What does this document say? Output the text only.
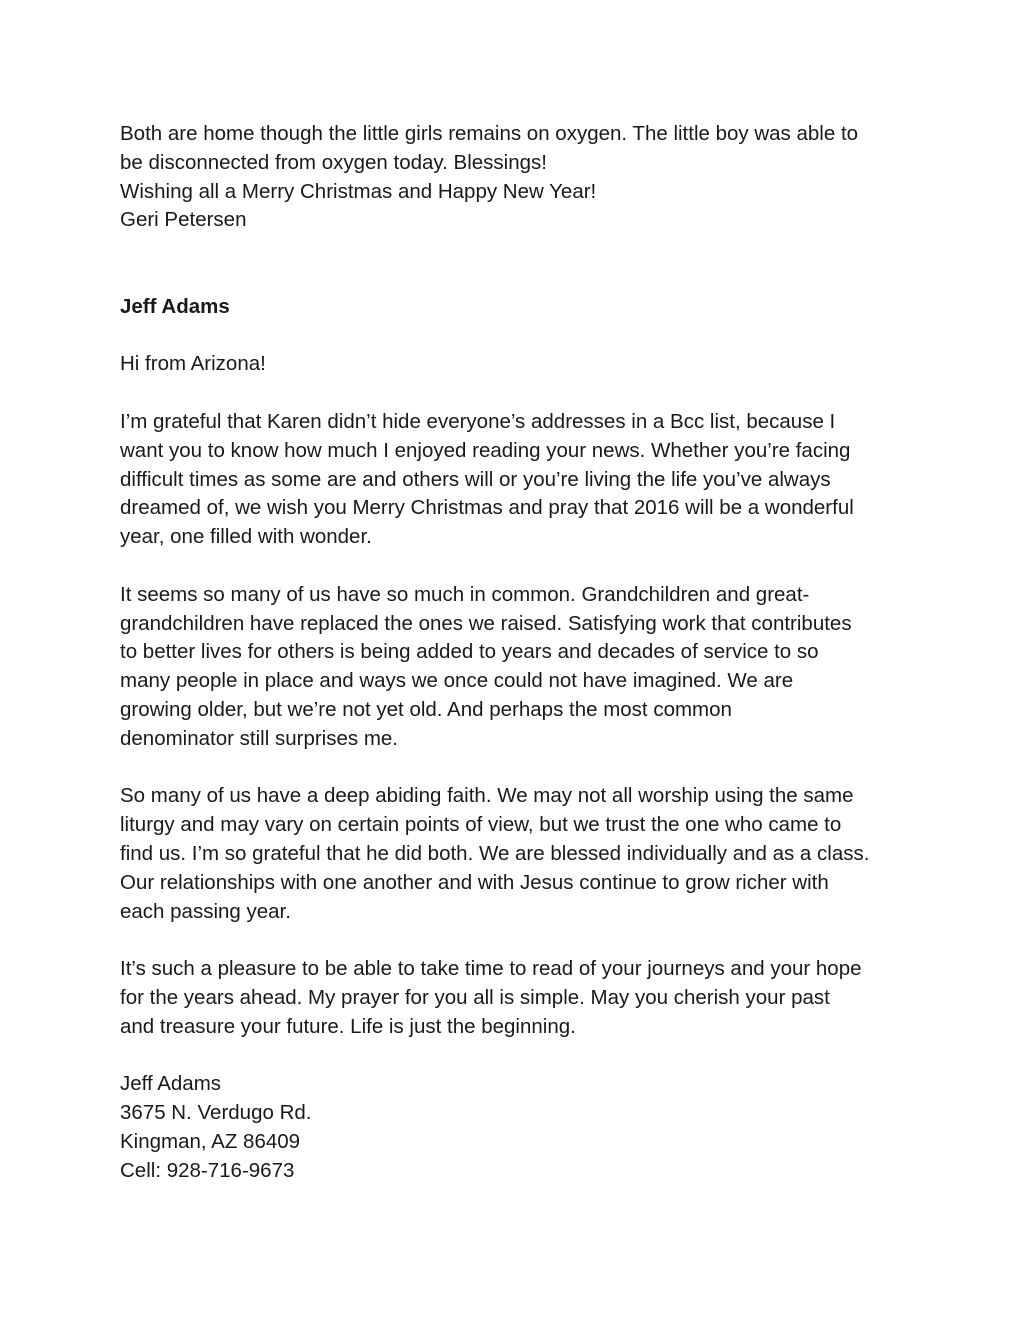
Both are home though the little girls remains on oxygen. The little boy was able to
be disconnected from oxygen today. Blessings!
Wishing all a Merry Christmas and Happy New Year!
Geri Petersen
Jeff Adams
Hi from Arizona!
I’m grateful that Karen didn’t hide everyone’s addresses in a Bcc list, because I
want you to know how much I enjoyed reading your news. Whether you’re facing
difficult times as some are and others will or you’re living the life you’ve always
dreamed of, we wish you Merry Christmas and pray that 2016 will be a wonderful
year, one filled with wonder.
It seems so many of us have so much in common. Grandchildren and great-
grandchildren have replaced the ones we raised. Satisfying work that contributes
to better lives for others is being added to years and decades of service to so
many people in place and ways we once could not have imagined. We are
growing older, but we’re not yet old. And perhaps the most common
denominator still surprises me.
So many of us have a deep abiding faith. We may not all worship using the same
liturgy and may vary on certain points of view, but we trust the one who came to
find us. I’m so grateful that he did both. We are blessed individually and as a class.
Our relationships with one another and with Jesus continue to grow richer with
each passing year.
It’s such a pleasure to be able to take time to read of your journeys and your hope
for the years ahead. My prayer for you all is simple. May you cherish your past
and treasure your future. Life is just the beginning.
Jeff Adams
3675 N. Verdugo Rd.
Kingman, AZ 86409
Cell: 928-716-9673
